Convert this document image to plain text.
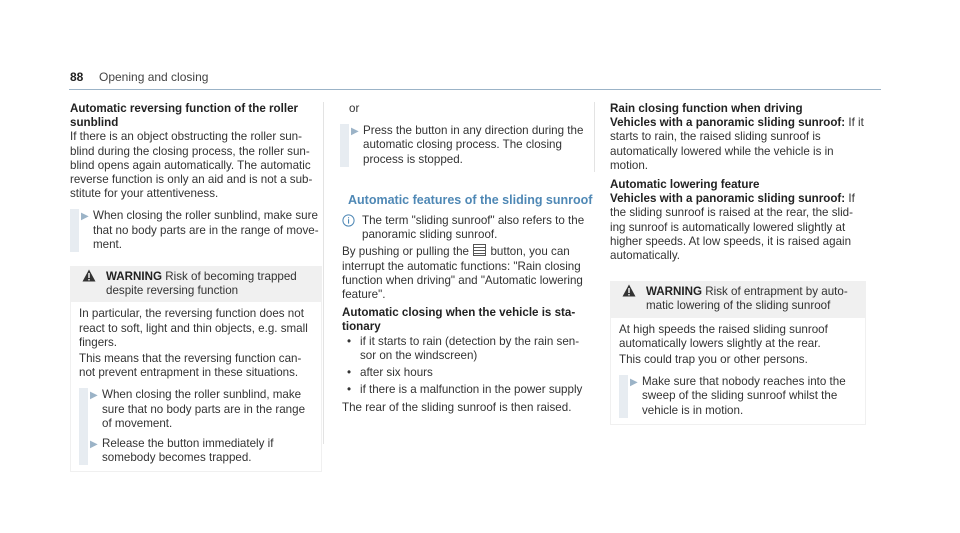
88 Opening and closing

Automatic reversing function of the roller sunblind

If there is an object obstructing the roller sun-blind during the closing process, the roller sun-blind opens again automatically. The automatic reverse function is only an aid and is not a sub-stitute for your attentiveness.

▶ When closing the roller sunblind, make sure that no body parts are in the range of move-ment.
WARNING Risk of becoming trapped despite reversing function

In particular, the reversing function does not react to soft, light and thin objects, e.g. small fingers.

This means that the reversing function can-not prevent entrapment in these situations.

▶ When closing the roller sunblind, make sure that no body parts are in the range of movement.
▶ Release the button immediately if somebody becomes trapped.

or

▶ Press the button in any direction during the automatic closing process. The closing process is stopped.

Automatic features of the sliding sunroof

The term "sliding sunroof" also refers to the panoramic sliding sunroof.

By pushing or pulling the button, you can interrupt the automatic functions: "Rain closing function when driving" and "Automatic lowering feature".

Automatic closing when the vehicle is sta-tionary

• if it starts to rain (detection by the rain sen-sor on the windscreen)
• after six hours
• if there is a malfunction in the power supply

The rear of the sliding sunroof is then raised.

Rain closing function when driving

Vehicles with a panoramic sliding sunroof: If it starts to rain, the raised sliding sunroof is automatically lowered while the vehicle is in motion.

Automatic lowering feature

Vehicles with a panoramic sliding sunroof: If the sliding sunroof is raised at the rear, the slid-ing sunroof is automatically lowered slightly at higher speeds. At low speeds, it is raised again automatically.

WARNING Risk of entrapment by auto-matic lowering of the sliding sunroof

At high speeds the raised sliding sunroof automatically lowers slightly at the rear.

This could trap you or other persons.

▶ Make sure that nobody reaches into the sweep of the sliding sunroof whilst the vehicle is in motion.
